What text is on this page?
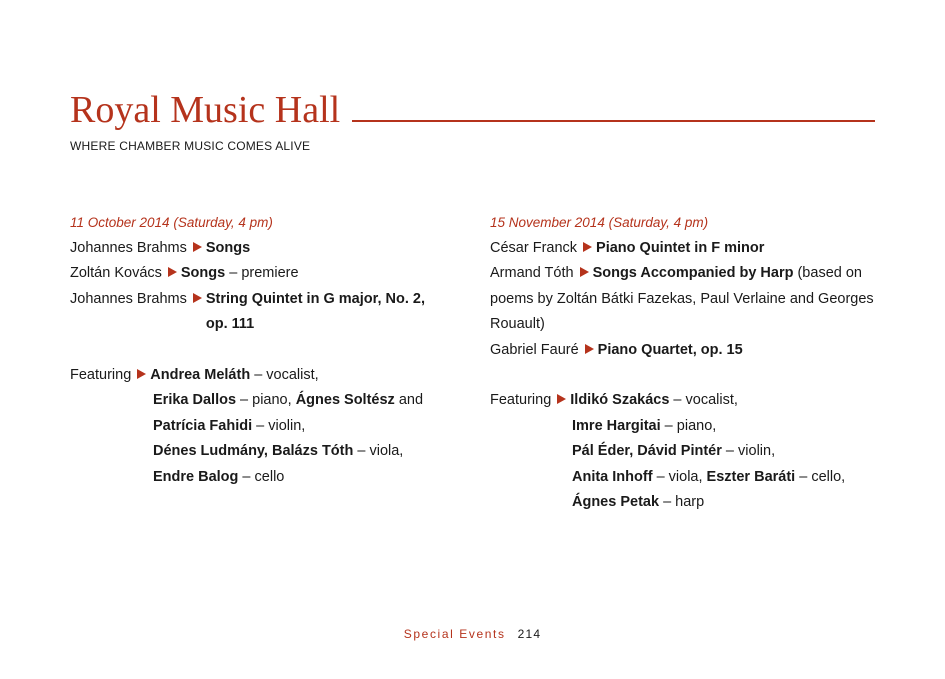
Royal Music Hall
WHERE CHAMBER MUSIC COMES ALIVE
11 October 2014 (Saturday, 4 pm)
Johannes Brahms Songs
Zoltán Kovács Songs – premiere
Johannes Brahms String Quintet in G major, No. 2,
op. 111
Featuring Andrea Meláth – vocalist,
Erika Dallos – piano, Ágnes Soltész and
Patrícia Fahidi – violin,
Dénes Ludmány, Balázs Tóth – viola,
Endre Balog – cello
15 November 2014 (Saturday, 4 pm)
César Franck Piano Quintet in F minor
Armand Tóth Songs Accompanied by Harp (based on poems by Zoltán Bátki Fazekas, Paul Verlaine and Georges Rouault)
Gabriel Fauré Piano Quartet, op. 15
Featuring Ildikó Szakács – vocalist,
Imre Hargitai – piano,
Pál Éder, Dávid Pintér – violin,
Anita Inhoff – viola, Eszter Baráti – cello,
Ágnes Petak – harp
Special Events 214
